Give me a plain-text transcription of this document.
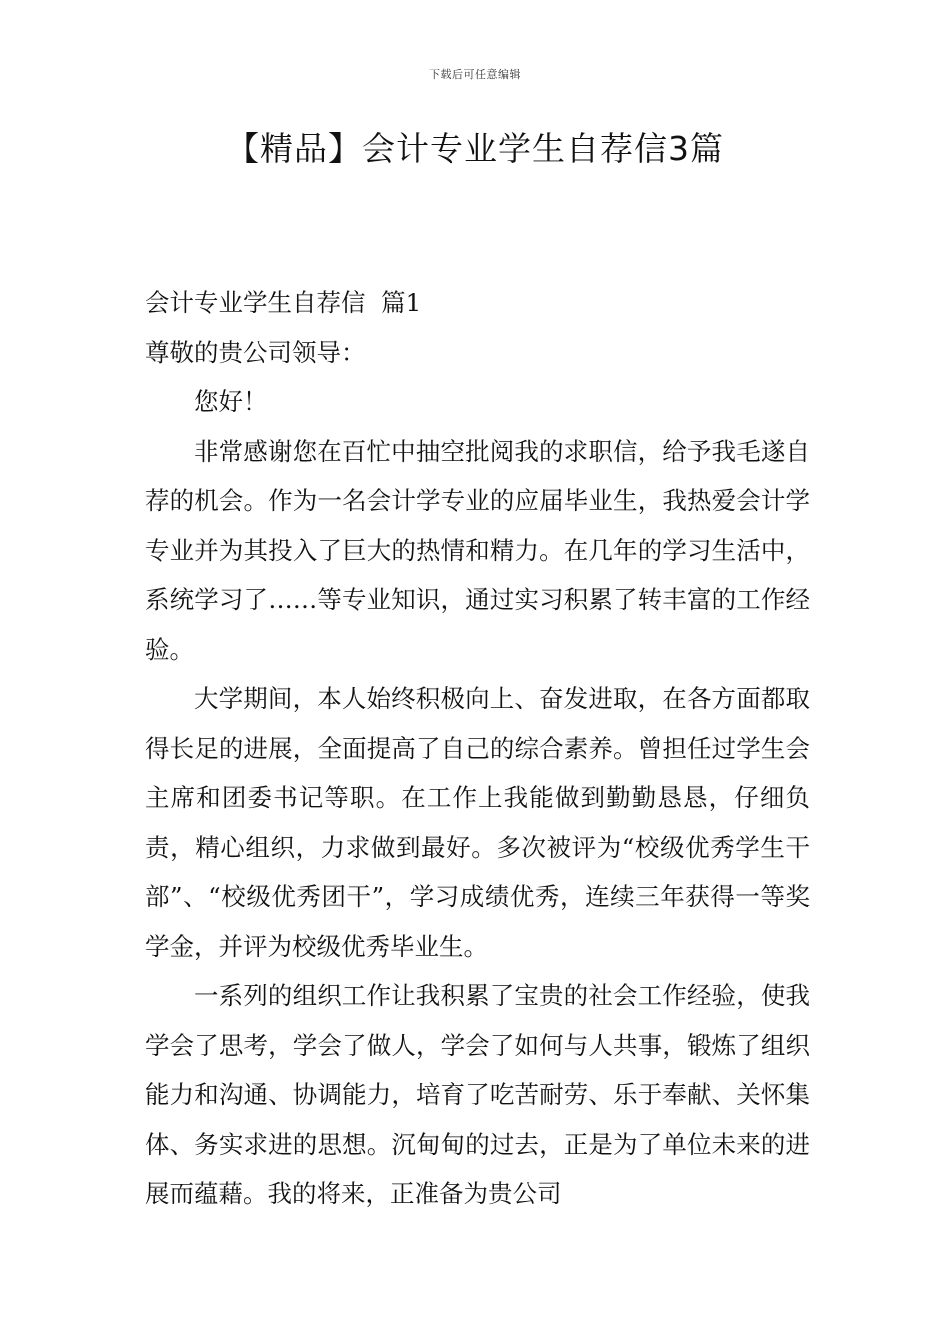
下载后可任意编辑
【精品】会计专业学生自荐信3篇

会计专业学生自荐信  篇1

尊敬的贵公司领导：

您好！

非常感谢您在百忙中抽空批阅我的求职信，给予我毛遂自荐的机会。作为一名会计学专业的应届毕业生，我热爱会计学专业并为其投入了巨大的热情和精力。在几年的学习生活中，系统学习了……等专业知识，通过实习积累了转丰富的工作经验。

大学期间，本人始终积极向上、奋发进取，在各方面都取得长足的进展，全面提高了自己的综合素养。曾担任过学生会主席和团委书记等职。在工作上我能做到勤勤恳恳，仔细负责，精心组织，力求做到最好。多次被评为“校级优秀学生干部”、“校级优秀团干”，学习成绩优秀，连续三年获得一等奖学金，并评为校级优秀毕业生。

一系列的组织工作让我积累了宝贵的社会工作经验，使我学会了思考，学会了做人，学会了如何与人共事，锻炼了组织能力和沟通、协调能力，培育了吃苦耐劳、乐于奉献、关怀集体、务实求进的思想。沉甸甸的过去，正是为了单位未来的进展而蕴藉。我的将来，正准备为贵公司
